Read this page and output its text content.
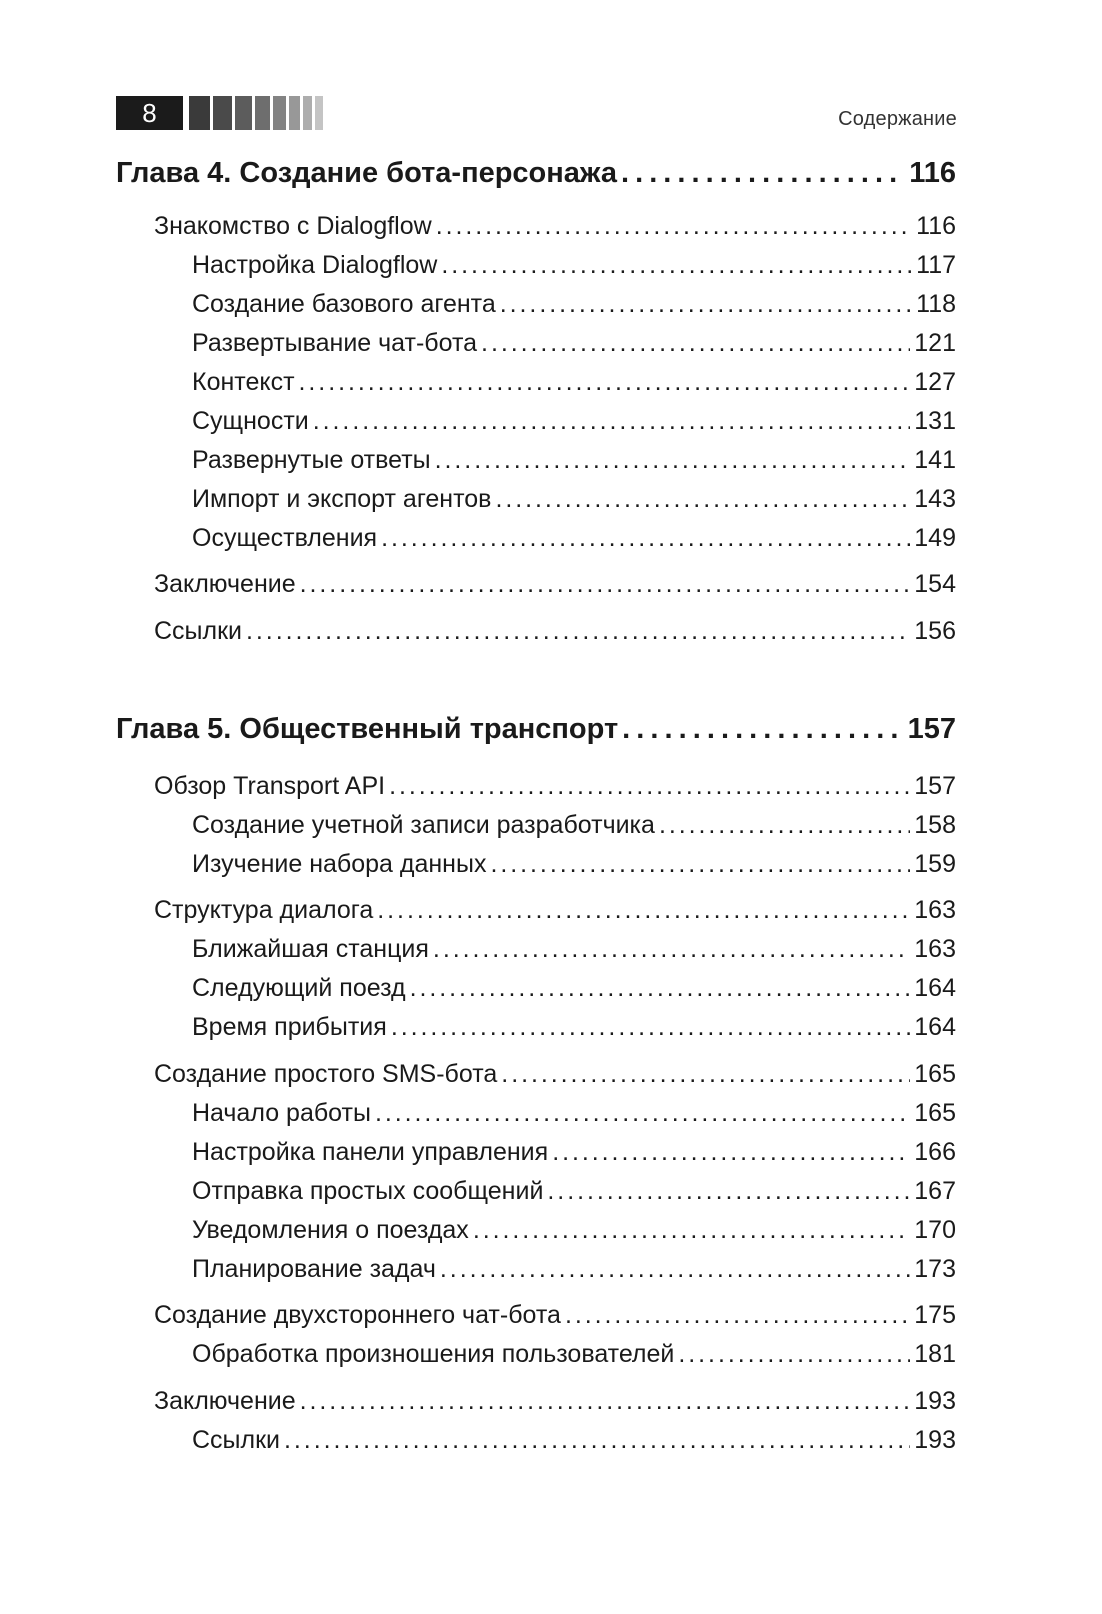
8	Содержание
Глава 4. Создание бота-персонажа . . .	116
Знакомство с Dialogflow . . .	116
Настройка Dialogflow . . .	117
Создание базового агента . . .	118
Развертывание чат-бота . . .	121
Контекст . . .	127
Сущности . . .	131
Развернутые ответы . . .	141
Импорт и экспорт агентов . . .	143
Осуществления . . .	149
Заключение . . .	154
Ссылки . . .	156
Глава 5. Общественный транспорт . . .	157
Обзор Transport API . . .	157
Создание учетной записи разработчика . . .	158
Изучение набора данных . . .	159
Структура диалога . . .	163
Ближайшая станция . . .	163
Следующий поезд . . .	164
Время прибытия . . .	164
Создание простого SMS-бота . . .	165
Начало работы . . .	165
Настройка панели управления . . .	166
Отправка простых сообщений . . .	167
Уведомления о поездах . . .	170
Планирование задач . . .	173
Создание двухстороннего чат-бота . . .	175
Обработка произношения пользователей . . .	181
Заключение . . .	193
Ссылки . . .	193
